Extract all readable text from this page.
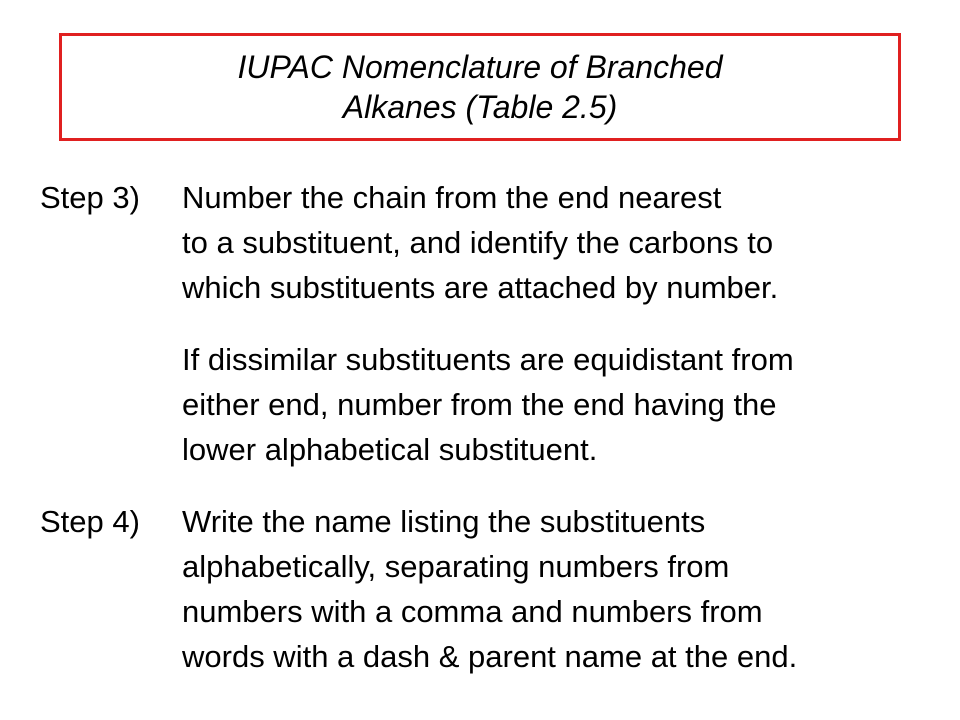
IUPAC Nomenclature of Branched
Alkanes (Table 2.5)
Step 3) Number the chain from the end nearest
to a substituent, and identify the carbons to
which substituents are attached by number.
If dissimilar substituents are equidistant from
either end, number from the end having the
lower alphabetical substituent.
Step 4) Write the name listing the substituents
alphabetically, separating numbers from
numbers with a comma and numbers from
words with a dash & parent name at the end.
